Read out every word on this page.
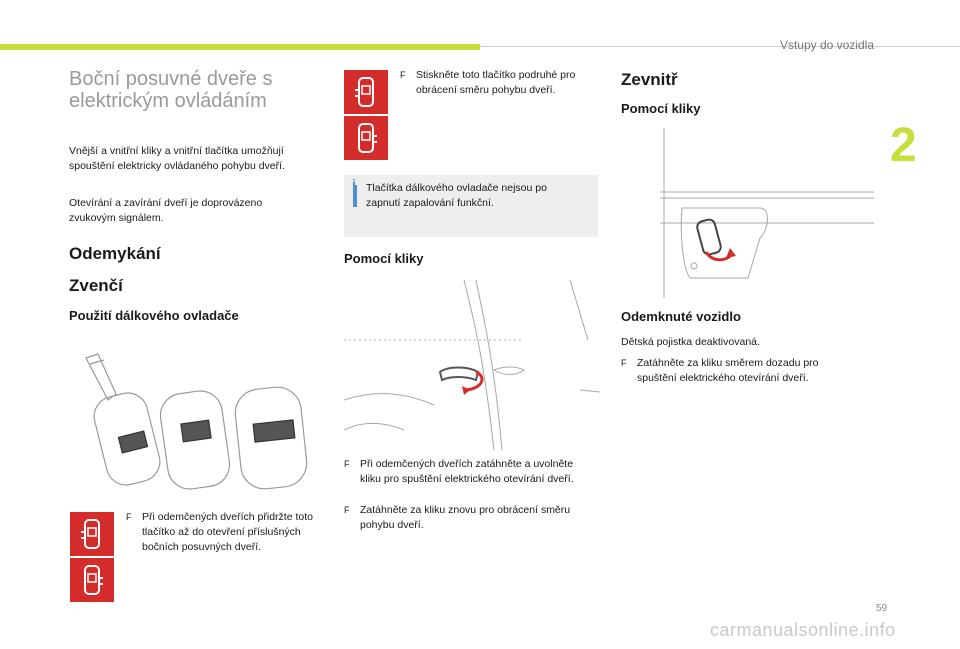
Vstupy do vozidla
2
59
carmanualsonline.info
Boční posuvné dveře s
elektrickým ovládáním

Vnější a vnitřní kliky a vnitřní tlačítka umožňují spouštění elektricky ovládaného pohybu dveří.

Otevírání a zavírání dveří je doprovázeno zvukovým signálem.

Odemykání
Zvenčí
Použití dálkového ovladače
F	Při odemčených dveřích přidržte toto tlačítko až do otevření příslušných bočních posuvných dveří.
F	Stiskněte toto tlačítko podruhé pro obrácení směru pohybu dveří.
i Tlačítka dálkového ovladače nejsou po zapnutí zapalování funkční.

Pomocí kliky
F	Při odemčených dveřích zatáhněte a uvolněte kliku pro spuštění elektrického otevírání dveří.
F	Zatáhněte za kliku znovu pro obrácení směru pohybu dveří.
Zevnitř
Pomocí kliky
Odemknuté vozidlo

Dětská pojistka deaktivovaná.

F	Zatáhněte za kliku směrem dozadu pro spuštění elektrického otevírání dveří.
